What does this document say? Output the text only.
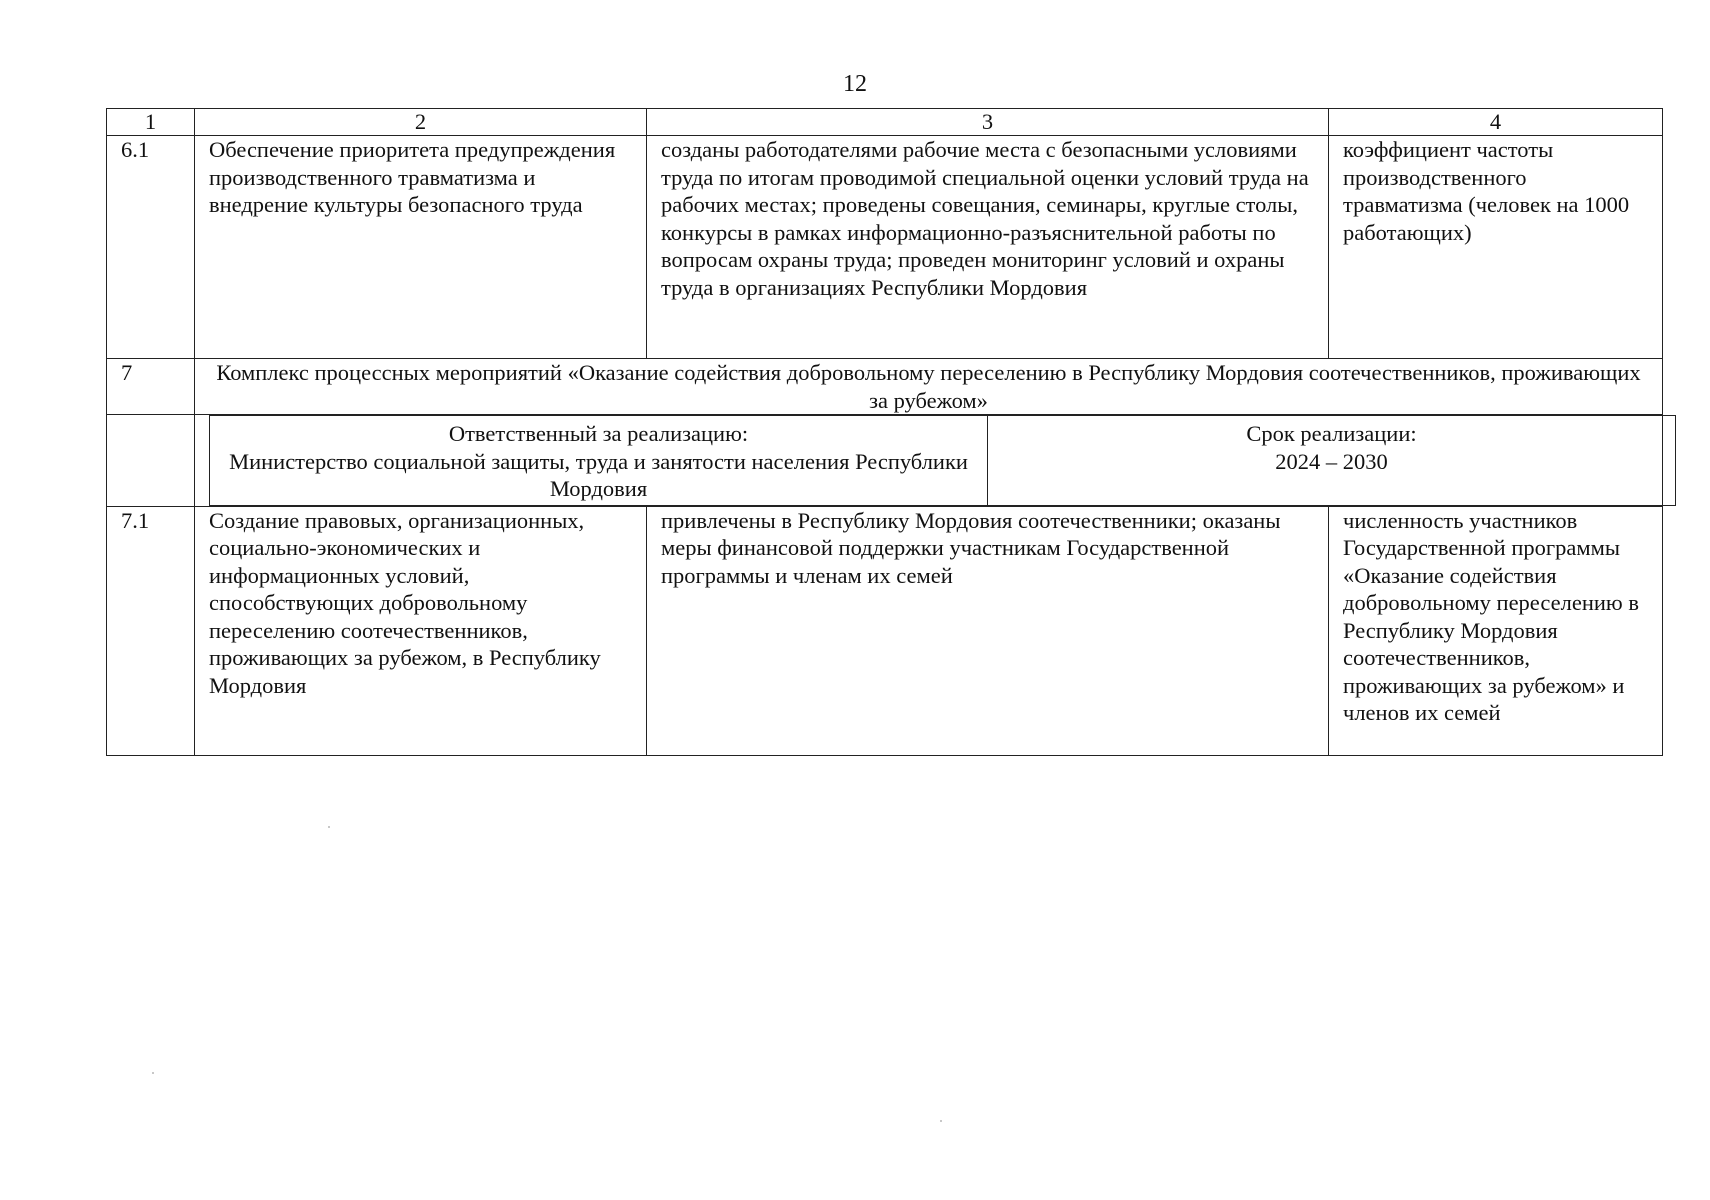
12
1	2	3	4
6.1	Обеспечение приоритета предупреждения производственного травматизма и внедрение культуры безопасного труда	созданы работодателями рабочие места с безопасными условиями труда по итогам проводимой специальной оценки условий труда на рабочих местах; проведены совещания, семинары, круглые столы, конкурсы в рамках информационно-разъяснительной работы по вопросам охраны труда; проведен мониторинг условий и охраны труда в организациях Республики Мордовия	коэффициент частоты производственного травматизма (человек на 1000 работающих)
7	Комплекс процессных мероприятий «Оказание содействия добровольному переселению в Республику Мордовия соотечественников, проживающих за рубежом»

Ответственный за реализацию:
Министерство социальной защиты, труда и занятости населения Республики Мордовия

Срок реализации:
2024 – 2030

7.1	Создание правовых, организационных, социально-экономических и информационных условий, способствующих добровольному переселению соотечественников, проживающих за рубежом, в Республику Мордовия	привлечены в Республику Мордовия соотечественники; оказаны меры финансовой поддержки участникам Государственной программы и членам их семей	численность участников Государственной программы «Оказание содействия добровольному переселению в Республику Мордовия соотечественников, проживающих за рубежом» и членов их семей
